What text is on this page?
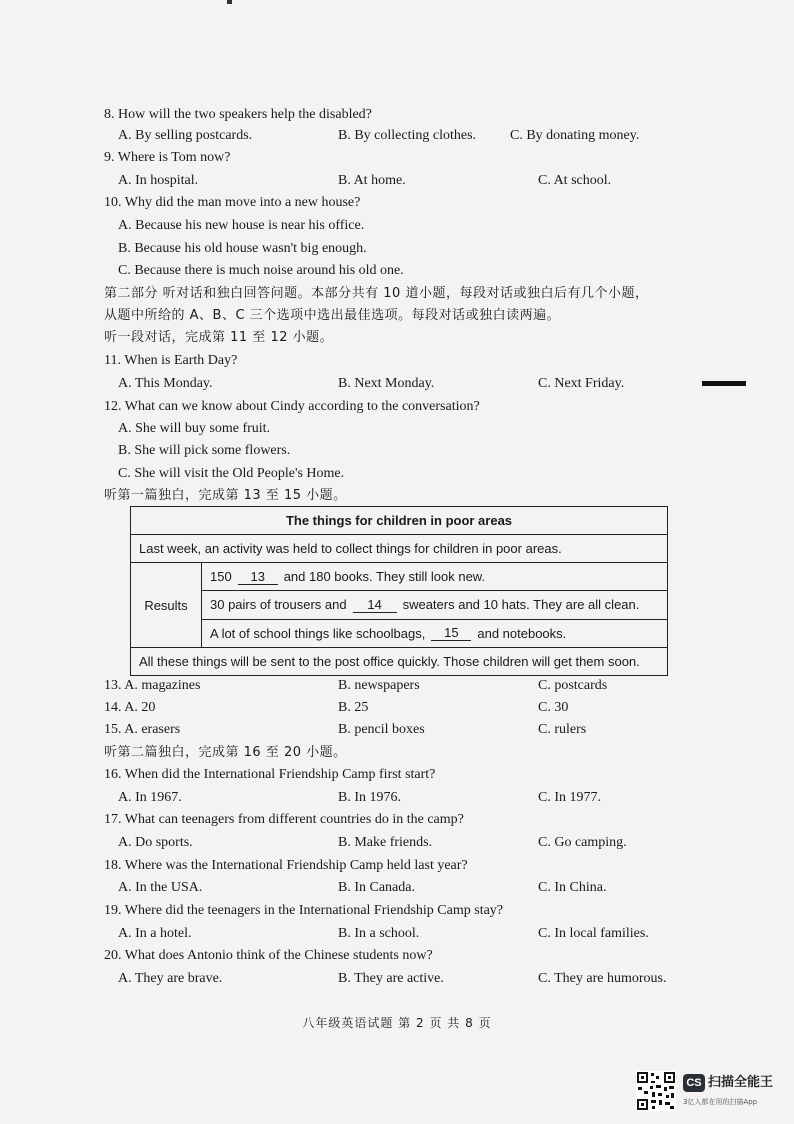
8. How will the two speakers help the disabled?
A. By selling postcards.	B. By collecting clothes. C. By donating money.
9. Where is Tom now?
A. In hospital.	B. At home.	C. At school.
10. Why did the man move into a new house?
A. Because his new house is near his office.
B. Because his old house wasn't big enough.
C. Because there is much noise around his old one.
第二部分 听对话和独白回答问题。本部分共有 10 道小题，每段对话或独白后有几个小题，
从题中所给的 A、B、C 三个选项中选出最佳选项。每段对话或独白读两遍。
听一段对话，完成第 11 至 12 小题。
11. When is Earth Day?
A. This Monday.	B. Next Monday.	C. Next Friday.
12. What can we know about Cindy according to the conversation?
A. She will buy some fruit.
B. She will pick some flowers.
C. She will visit the Old People's Home.
听第一篇独白，完成第 13 至 15 小题。
The things for children in poor areas
Last week, an activity was held to collect things for children in poor areas.
Results
150	13	and 180 books. They still look new.
30 pairs of trousers and	14	sweaters and 10 hats. They are all clean.
A lot of school things like schoolbags,	15	and notebooks.
All these things will be sent to the post office quickly. Those children will get them soon.
13. A. magazines	B. newspapers	C. postcards
14. A. 20	B. 25	C. 30
15. A. erasers	B. pencil boxes	C. rulers
听第二篇独白，完成第 16 至 20 小题。
16. When did the International Friendship Camp first start?
A. In 1967.	B. In 1976.	C. In 1977.
17. What can teenagers from different countries do in the camp?
A. Do sports.	B. Make friends.	C. Go camping.
18. Where was the International Friendship Camp held last year?
A. In the USA.	B. In Canada.	C. In China.
19. Where did the teenagers in the International Friendship Camp stay?
A. In a hotel.	B. In a school.	C. In local families.
20. What does Antonio think of the Chinese students now?
A. They are brave.	B. They are active.	C. They are humorous.
八年级英语试题 第 2 页 共 8 页
CS 扫描全能王
3亿人都在用的扫描App
